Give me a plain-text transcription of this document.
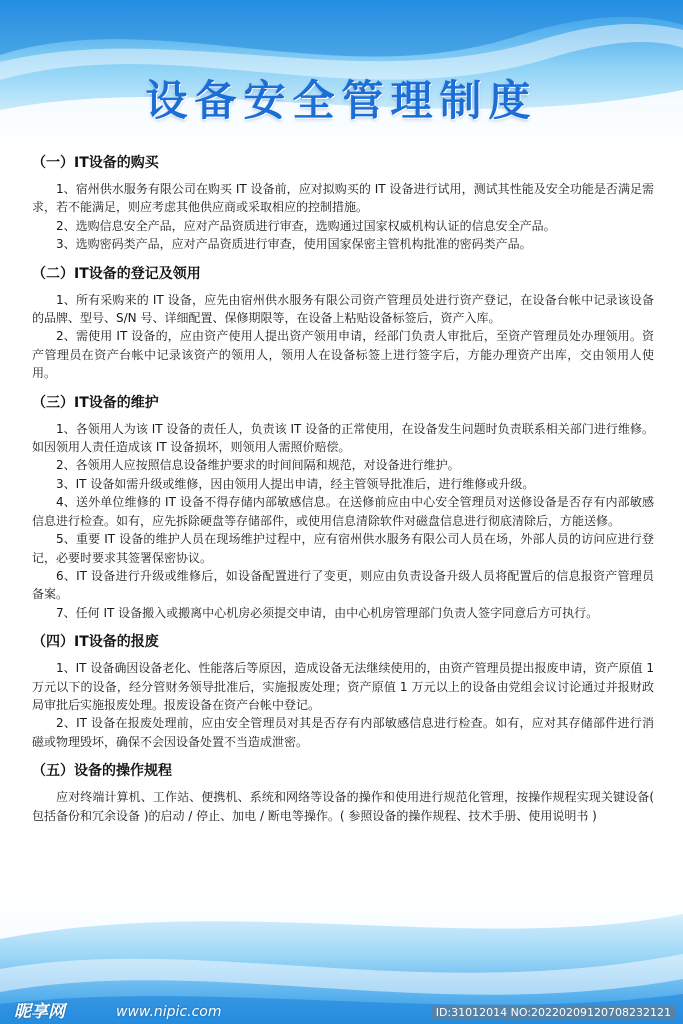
设备安全管理制度
（一）IT设备的购买
1、宿州供水服务有限公司在购买 IT 设备前，应对拟购买的 IT 设备进行试用，测试其性能及安全功能是否满足需求，若不能满足，则应考虑其他供应商或采取相应的控制措施。
2、选购信息安全产品，应对产品资质进行审查，选购通过国家权威机构认证的信息安全产品。
3、选购密码类产品，应对产品资质进行审查，使用国家保密主管机构批准的密码类产品。
（二）IT设备的登记及领用
1、所有采购来的 IT 设备，应先由宿州供水服务有限公司资产管理员处进行资产登记，在设备台帐中记录该设备的品牌、型号、S/N 号、详细配置、保修期限等，在设备上粘贴设备标签后，资产入库。
2、需使用 IT 设备的，应由资产使用人提出资产领用申请，经部门负责人审批后，至资产管理员处办理领用。资产管理员在资产台帐中记录该资产的领用人，领用人在设备标签上进行签字后，方能办理资产出库，交由领用人使用。
（三）IT设备的维护
1、各领用人为该 IT 设备的责任人，负责该 IT 设备的正常使用，在设备发生问题时负责联系相关部门进行维修。如因领用人责任造成该 IT 设备损坏，则领用人需照价赔偿。
2、各领用人应按照信息设备维护要求的时间间隔和规范，对设备进行维护。
3、IT 设备如需升级或维修，因由领用人提出申请，经主管领导批准后，进行维修或升级。
4、送外单位维修的 IT 设备不得存储内部敏感信息。在送修前应由中心安全管理员对送修设备是否存有内部敏感信息进行检查。如有，应先拆除硬盘等存储部件，或使用信息清除软件对磁盘信息进行彻底清除后，方能送修。
5、重要 IT 设备的维护人员在现场维护过程中，应有宿州供水服务有限公司人员在场，外部人员的访问应进行登记，必要时要求其签署保密协议。
6、IT 设备进行升级或维修后，如设备配置进行了变更，则应由负责设备升级人员将配置后的信息报资产管理员备案。
7、任何 IT 设备搬入或搬离中心机房必须提交申请，由中心机房管理部门负责人签字同意后方可执行。
（四）IT设备的报废
1、IT 设备确因设备老化、性能落后等原因，造成设备无法继续使用的，由资产管理员提出报废申请，资产原值 1 万元以下的设备，经分管财务领导批准后，实施报废处理；资产原值 1 万元以上的设备由党组会议讨论通过并报财政局审批后实施报废处理。报废设备在资产台帐中登记。
2、IT 设备在报废处理前，应由安全管理员对其是否存有内部敏感信息进行检查。如有，应对其存储部件进行消磁或物理毁坏，确保不会因设备处置不当造成泄密。
（五）设备的操作规程
应对终端计算机、工作站、便携机、系统和网络等设备的操作和使用进行规范化管理，按操作规程实现关键设备( 包括备份和冗余设备 )的启动 / 停止、加电 / 断电等操作。( 参照设备的操作规程、技术手册、使用说明书 )
昵享网	www.nipic.com	ID:31012014 NO:20220209120708232121
